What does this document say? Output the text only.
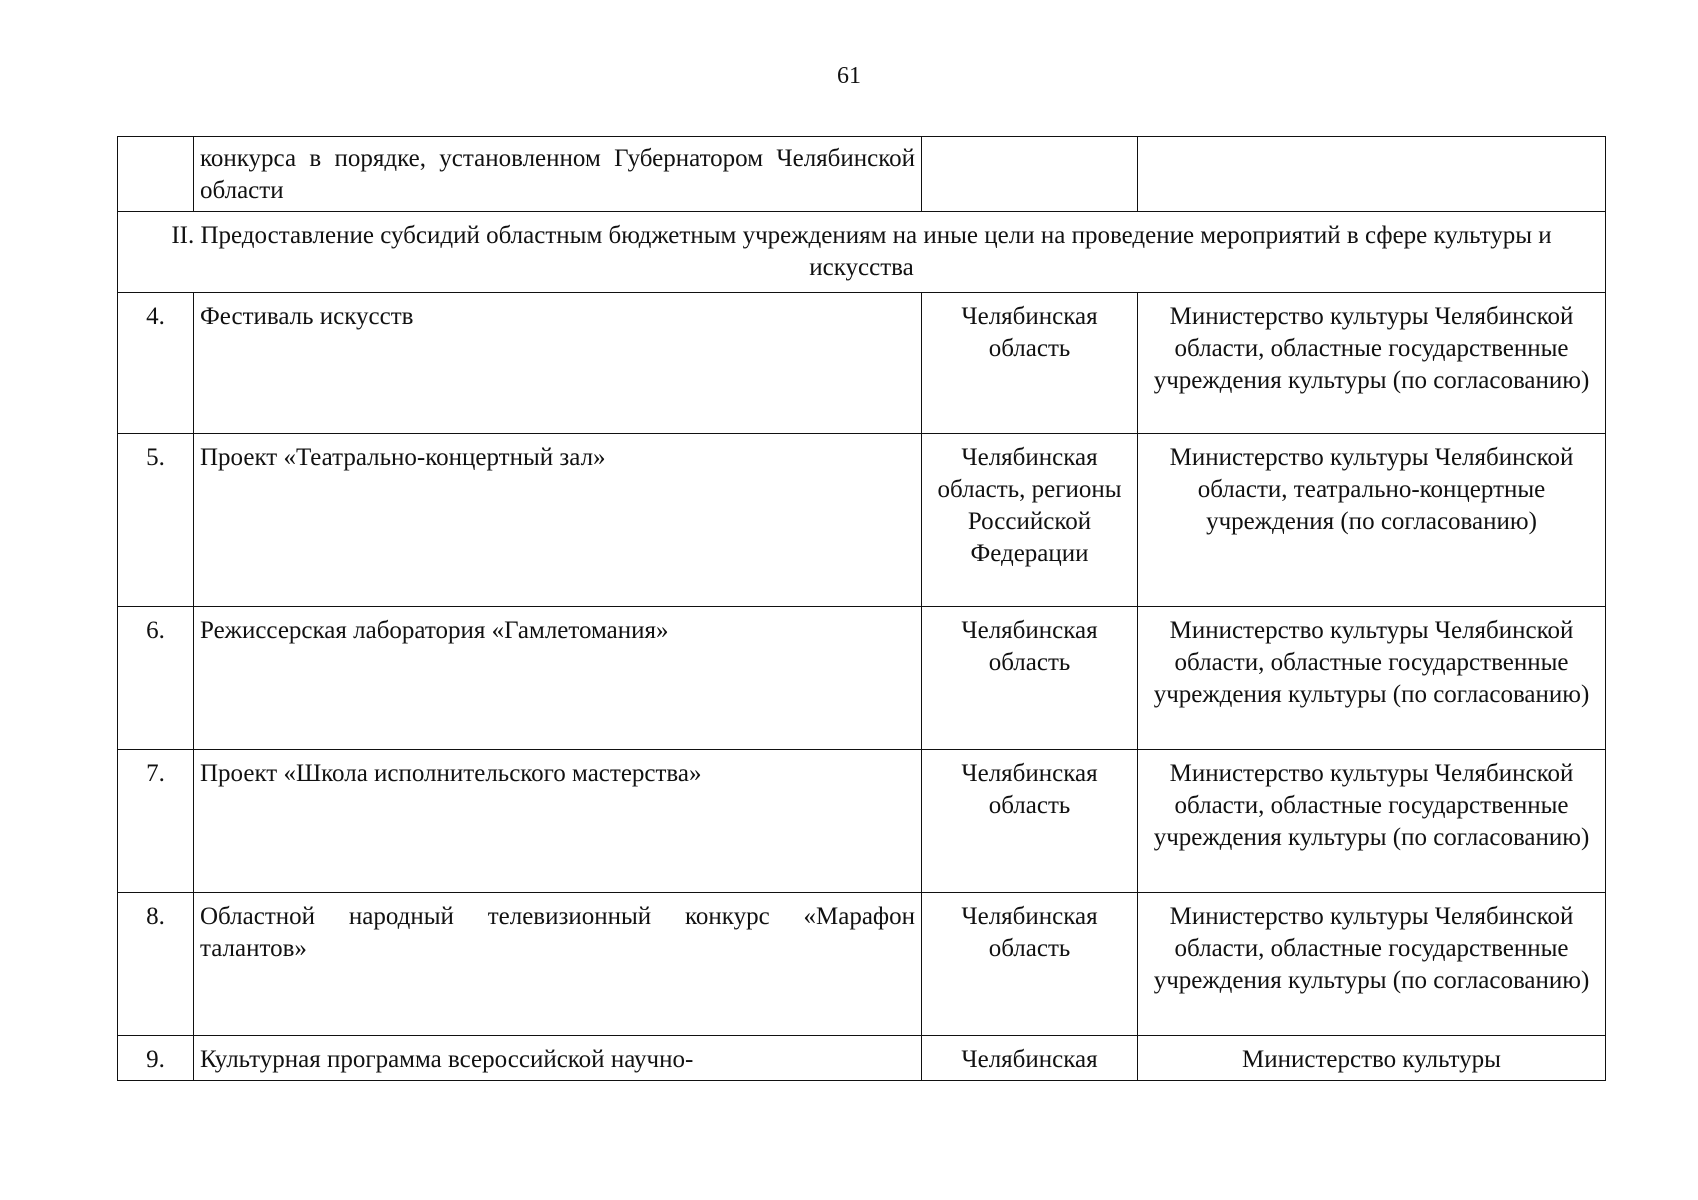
61
	конкурса в порядке, установленном Губернатором Челябинской области		
II. Предоставление субсидий областным бюджетным учреждениям на иные цели на проведение мероприятий в сфере культуры и искусства			
4.	Фестиваль искусств	Челябинская область	Министерство культуры Челябинской области, областные государственные учреждения культуры (по согласованию)
5.	Проект «Театрально-концертный зал»	Челябинская область, регионы Российской Федерации	Министерство культуры Челябинской области, театрально-концертные учреждения (по согласованию)
6.	Режиссерская лаборатория «Гамлетомания»	Челябинская область	Министерство культуры Челябинской области, областные государственные учреждения культуры (по согласованию)
7.	Проект «Школа исполнительского мастерства»	Челябинская область	Министерство культуры Челябинской области, областные государственные учреждения культуры (по согласованию)
8.	Областной народный телевизионный конкурс «Марафон талантов»	Челябинская область	Министерство культуры Челябинской области, областные государственные учреждения культуры (по согласованию)
9.	Культурная программа всероссийской научно-	Челябинская	Министерство культуры
